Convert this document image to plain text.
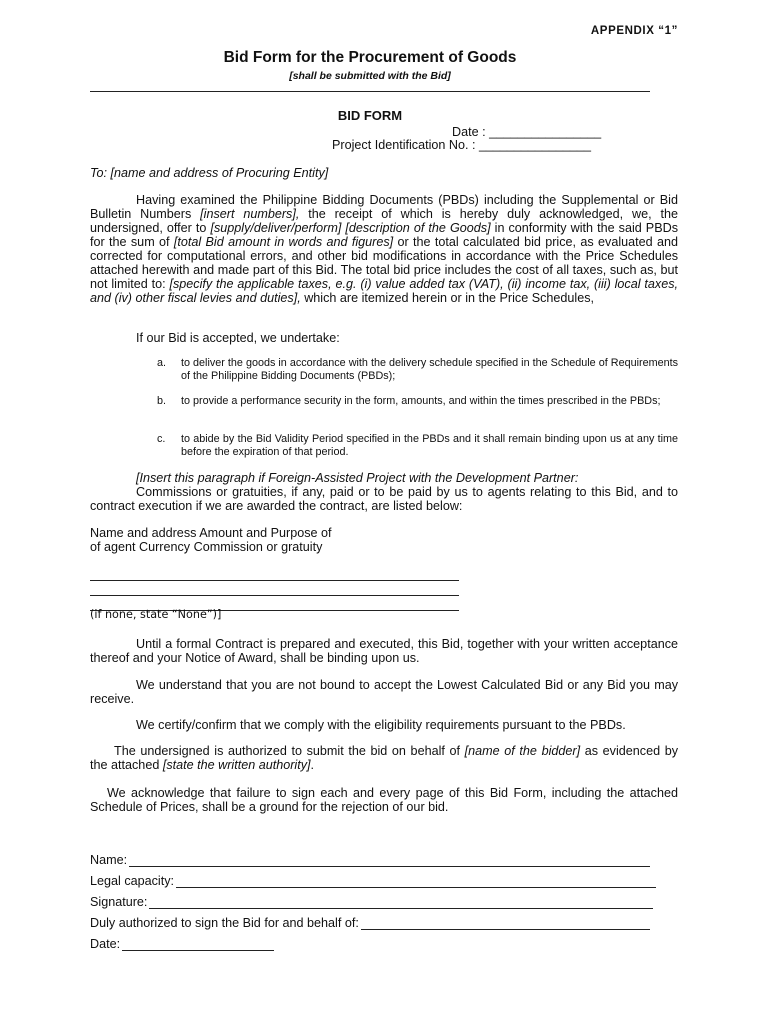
APPENDIX “1”
Bid Form for the Procurement of Goods
[shall be submitted with the Bid]
BID FORM
Date : ________________
Project Identification No. : ________________
To: [name and address of Procuring Entity]
Having examined the Philippine Bidding Documents (PBDs) including the Supplemental or Bid Bulletin Numbers [insert numbers], the receipt of which is hereby duly acknowledged, we, the undersigned, offer to [supply/deliver/perform] [description of the Goods] in conformity with the said PBDs for the sum of [total Bid amount in words and figures] or the total calculated bid price, as evaluated and corrected for computational errors, and other bid modifications in accordance with the Price Schedules attached herewith and made part of this Bid. The total bid price includes the cost of all taxes, such as, but not limited to: [specify the applicable taxes, e.g. (i) value added tax (VAT), (ii) income tax, (iii) local taxes, and (iv) other fiscal levies and duties], which are itemized herein or in the Price Schedules,
If our Bid is accepted, we undertake:
a. to deliver the goods in accordance with the delivery schedule specified in the Schedule of Requirements of the Philippine Bidding Documents (PBDs);
b. to provide a performance security in the form, amounts, and within the times prescribed in the PBDs;
c. to abide by the Bid Validity Period specified in the PBDs and it shall remain binding upon us at any time before the expiration of that period.
[Insert this paragraph if Foreign-Assisted Project with the Development Partner:
Commissions or gratuities, if any, paid or to be paid by us to agents relating to this Bid, and to contract execution if we are awarded the contract, are listed below:
Name and address Amount and Purpose of
of agent Currency Commission or gratuity
(if none, state “None”)]
Until a formal Contract is prepared and executed, this Bid, together with your written acceptance thereof and your Notice of Award, shall be binding upon us.
We understand that you are not bound to accept the Lowest Calculated Bid or any Bid you may receive.
We certify/confirm that we comply with the eligibility requirements pursuant to the PBDs.
The undersigned is authorized to submit the bid on behalf of [name of the bidder] as evidenced by the attached [state the written authority].
We acknowledge that failure to sign each and every page of this Bid Form, including the attached Schedule of Prices, shall be a ground for the rejection of our bid.
Name:
Legal capacity:
Signature:
Duly authorized to sign the Bid for and behalf of:
Date:
